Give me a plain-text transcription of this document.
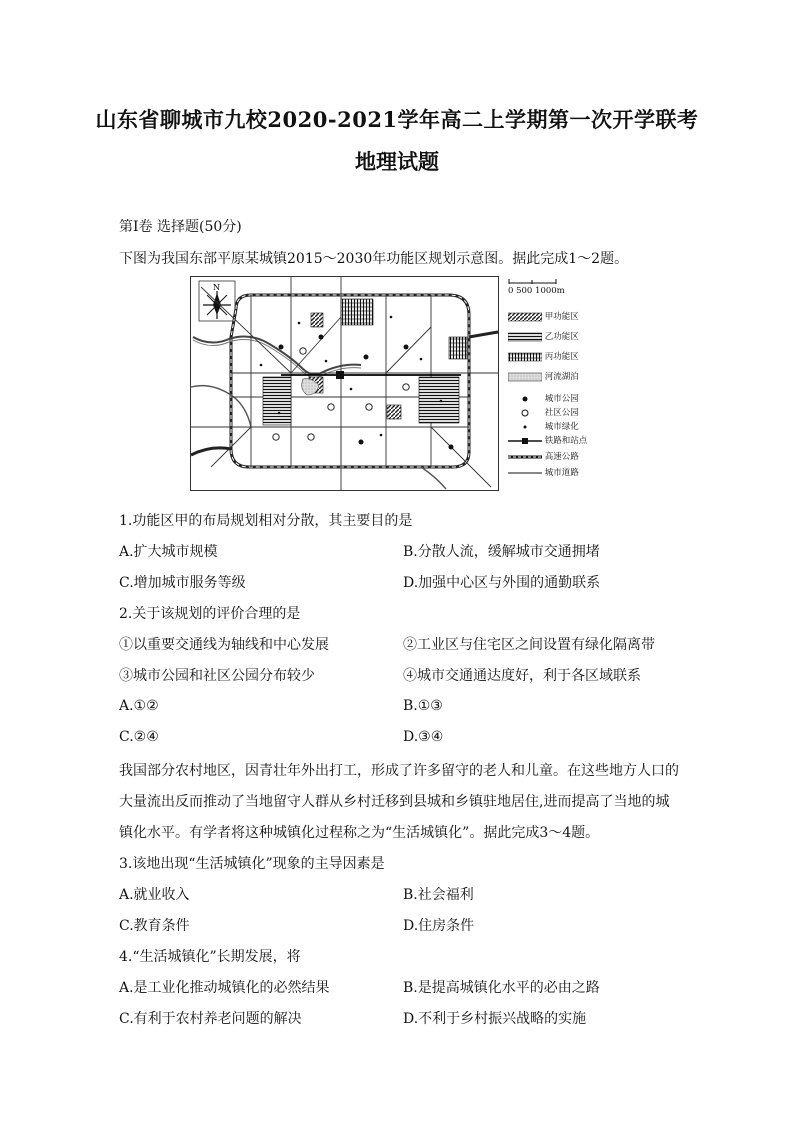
山东省聊城市九校2020-2021学年高二上学期第一次开学联考
地理试题
第Ⅰ卷 选择题(50分)
下图为我国东部平原某城镇2015～2030年功能区规划示意图。据此完成1～2题。
N	0 500 1000m
甲功能区
乙功能区
丙功能区
河流湖泊
城市公园
社区公园
城市绿化
铁路和站点
高速公路
城市道路
1.功能区甲的布局规划相对分散，其主要目的是
A.扩大城市规模	B.分散人流，缓解城市交通拥堵
C.增加城市服务等级	D.加强中心区与外围的通勤联系
2.关于该规划的评价合理的是
①以重要交通线为轴线和中心发展	②工业区与住宅区之间设置有绿化隔离带
③城市公园和社区公园分布较少	④城市交通通达度好，利于各区域联系
A.①②	B.①③
C.②④	D.③④
我国部分农村地区，因青壮年外出打工，形成了许多留守的老人和儿童。在这些地方人口的
大量流出反而推动了当地留守人群从乡村迁移到县城和乡镇驻地居住,进而提高了当地的城
镇化水平。有学者将这种城镇化过程称之为“生活城镇化”。据此完成3～4题。
3.该地出现“生活城镇化”现象的主导因素是
A.就业收入	B.社会福利
C.教育条件	D.住房条件
4.“生活城镇化”长期发展，将
A.是工业化推动城镇化的必然结果	B.是提高城镇化水平的必由之路
C.有利于农村养老问题的解决	D.不利于乡村振兴战略的实施
